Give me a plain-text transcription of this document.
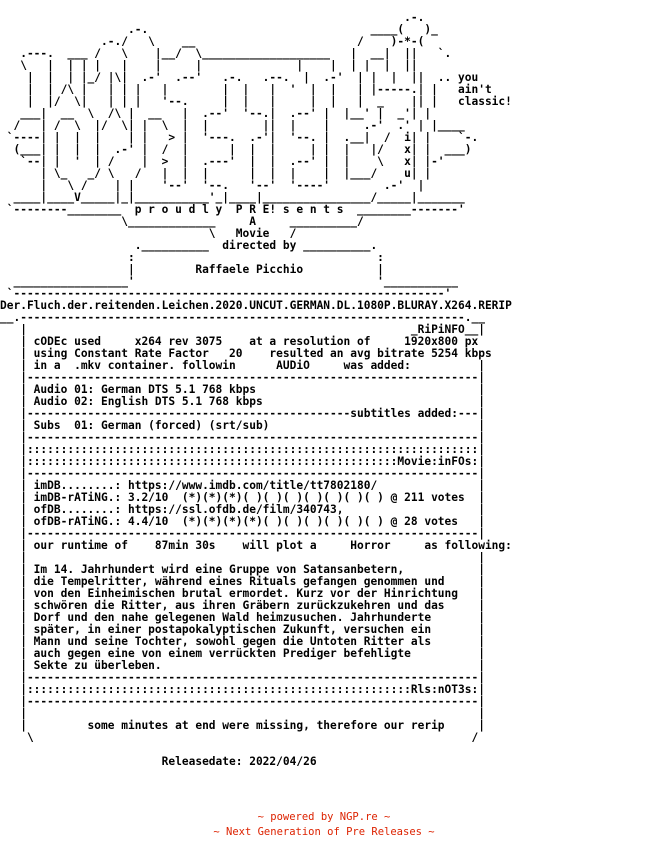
.-.
.-.                                 ____(   )_
.-./   \    __                        /    )-*-(
.---.  ___ /   \    |__/  \___________________   |  __|  ||   `.
\   |  | | |   |    |     |              |    |  | |  |  ||
|  |  | |_/ |\|  .-'  .--'   .-.   .--.  |  .-'  | |  |  ||  .. you
|  | /\ |   | | |   |        |  |   |  '  |  |   | |-----.| |   ain't
|  |/  \|   | | |   '--.     |  |   |     |  |   |  _    || |   classic!
___|  __  \  /\ |  __   |  .--'  '--.|  .--' |  |__' |  _'| |
/   | /  \  |/  \| |  \  |  |        ||  |    |     .-'  .' | |____
`----| |  |  |    | |   > |  '---.  .-'|  '--. |  .__|  /  i| |    `-.
(___| |  |  |  .-' |  /  |      |  |  |     | |  |   |/   x| |  ___)
`--| |  '  | /    |  >  |  .---'  |  |  .--' |  |    \   x| |-'
| \_   _/ \   /   |  |  |      |  |  |    |  |___/    u| |
|   \ /    | |    '--'  '--.   '--'  '----'        .-'  |
____|____V_____|_|___________'_|____|________________/_____|_______
`--------________  p r o u d l y  P R E! s e n t s  ________-------'
\_____________     A     __________/
\   Movie   /
.__________  directed by __________.
:                                    :
|         Raffaele Picchio           |
_________________'                                    '___________
`----------------------------------------------------------------'
Der.Fluch.der.reitenden.Leichen.2020.UNCUT.GERMAN.DL.1080P.BLURAY.X264.RERIP
__.------------------------------------------------------------------.__
|                                                         _RiPiNFO__|
| cODEc used     x264 rev 3075    at a resolution of     1920x800 px
| using Constant Rate Factor   20    resulted an avg bitrate 5254 kbps
| in a  .mkv container. followin      AUDiO     was added:          |
|-------------------------------------------------------------------|
| Audio 01: German DTS 5.1 768 kbps                                 |
| Audio 02: English DTS 5.1 768 kbps                                |
|------------------------------------------------subtitles added:---|
| Subs  01: German (forced) (srt/sub)                               |
|-------------------------------------------------------------------|
|:::::::::::::::::::::::::::::::::::::::::::::::::::::::::::::::::::|
|:::::::::::::::::::::::::::::::::::::::::::::::::::::::Movie:inFOs:|
|-------------------------------------------------------------------|
| imDB........: https://www.imdb.com/title/tt7802180/               |
| imDB-rATiNG.: 3.2/10  (*)(*)(*)( )( )( )( )( )( )( ) @ 211 votes  |
| ofDB........: https://ssl.ofdb.de/film/340743,                    |
| ofDB-rATiNG.: 4.4/10  (*)(*)(*)(*)( )( )( )( )( )( ) @ 28 votes   |
|-------------------------------------------------------------------|
| our runtime of    87min 30s    will plot a     Horror     as following:
|                                                                   |
| Im 14. Jahrhundert wird eine Gruppe von Satansanbetern,           |
| die Tempelritter, während eines Rituals gefangen genommen und     |
| von den Einheimischen brutal ermordet. Kurz vor der Hinrichtung   |
| schwören die Ritter, aus ihren Gräbern zurückzukehren und das     |
| Dorf und den nahe gelegenen Wald heimzusuchen. Jahrhunderte       |
| später, in einer postapokalyptischen Zukunft, versuchen ein       |
| Mann und seine Tochter, sowohl gegen die Untoten Ritter als       |
| auch gegen eine von einem verrückten Prediger befehligte          |
| Sekte zu überleben.                                               |
|-------------------------------------------------------------------|
|:::::::::::::::::::::::::::::::::::::::::::::::::::::::::Rls:nOT3s:|
|-------------------------------------------------------------------|
|                                                                   |
|         some minutes at end were missing, therefore our rerip     |
\                                                                 /

Releasedate: 2022/04/26
~ powered by NGP.re ~
~ Next Generation of Pre Releases ~
